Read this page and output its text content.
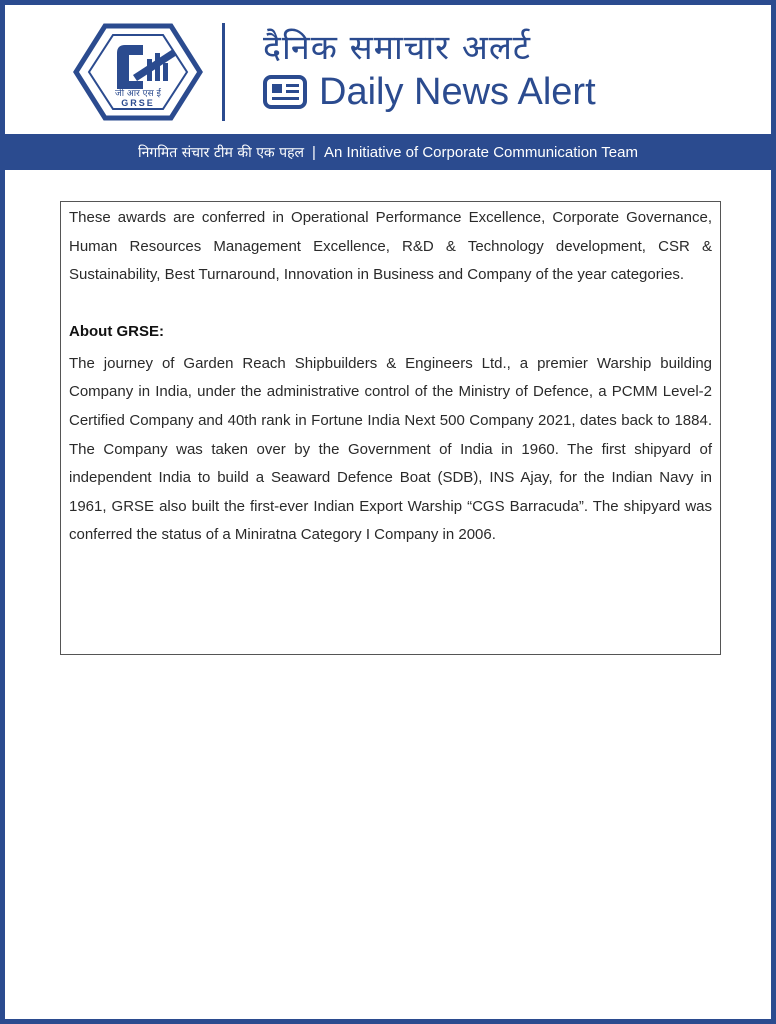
जी आर एस ई
GRSE
दैनिक समाचार अलर्ट
Daily News Alert
निगमित संचार टीम की एक पहल | An Initiative of Corporate Communication Team

These awards are conferred in Operational Performance Excellence, Corporate Governance, Human Resources Management Excellence, R&D & Technology development, CSR & Sustainability, Best Turnaround, Innovation in Business and Company of the year categories.

About GRSE:

The journey of Garden Reach Shipbuilders & Engineers Ltd., a premier Warship building Company in India, under the administrative control of the Ministry of Defence, a PCMM Level-2 Certified Company and 40th rank in Fortune India Next 500 Company 2021, dates back to 1884. The Company was taken over by the Government of India in 1960. The first shipyard of independent India to build a Seaward Defence Boat (SDB), INS Ajay, for the Indian Navy in 1961, GRSE also built the first-ever Indian Export Warship “CGS Barracuda”. The shipyard was conferred the status of a Miniratna Category I Company in 2006.
